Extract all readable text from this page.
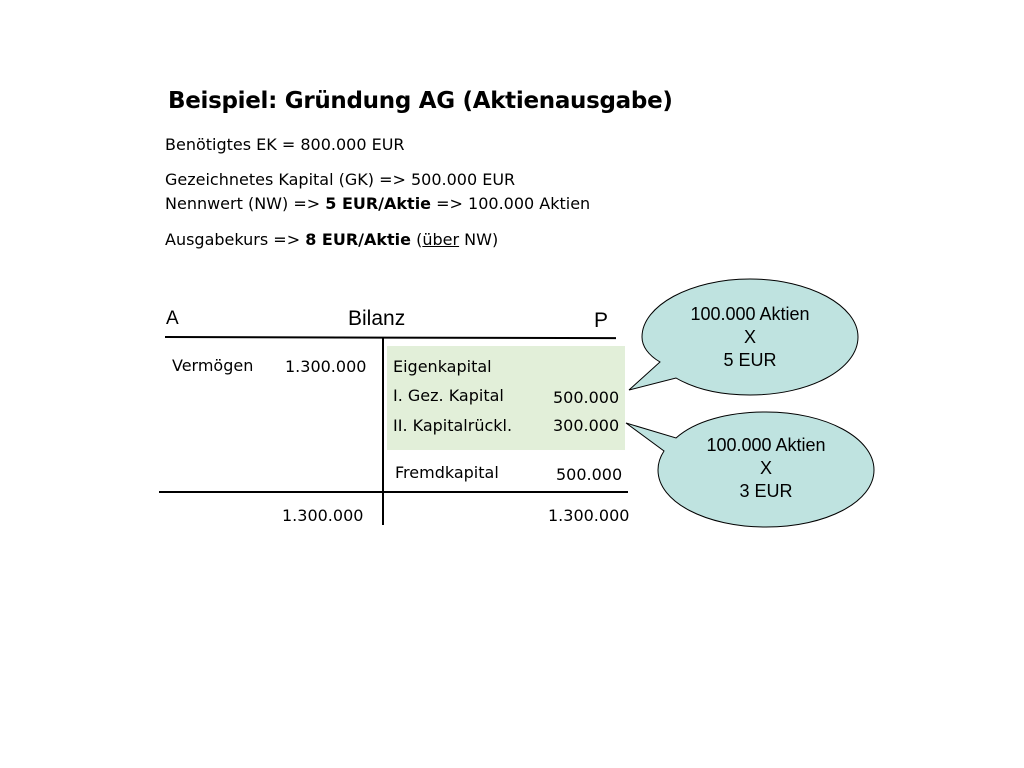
Beispiel: Gründung AG (Aktienausgabe)
Benötigtes EK = 800.000 EUR
Gezeichnetes Kapital (GK) => 500.000 EUR
Nennwert (NW) => 5 EUR/Aktie => 100.000 Aktien
Ausgabekurs => 8 EUR/Aktie (über NW)
A	Bilanz	P
Vermögen 1.300.000 Eigenkapital
I. Gez. Kapital	500.000
II. Kapitalrückl.	300.000
Fremdkapital	500.000
1.300.000	1.300.000
100.000 Aktien
X
5 EUR
100.000 Aktien
X
3 EUR
